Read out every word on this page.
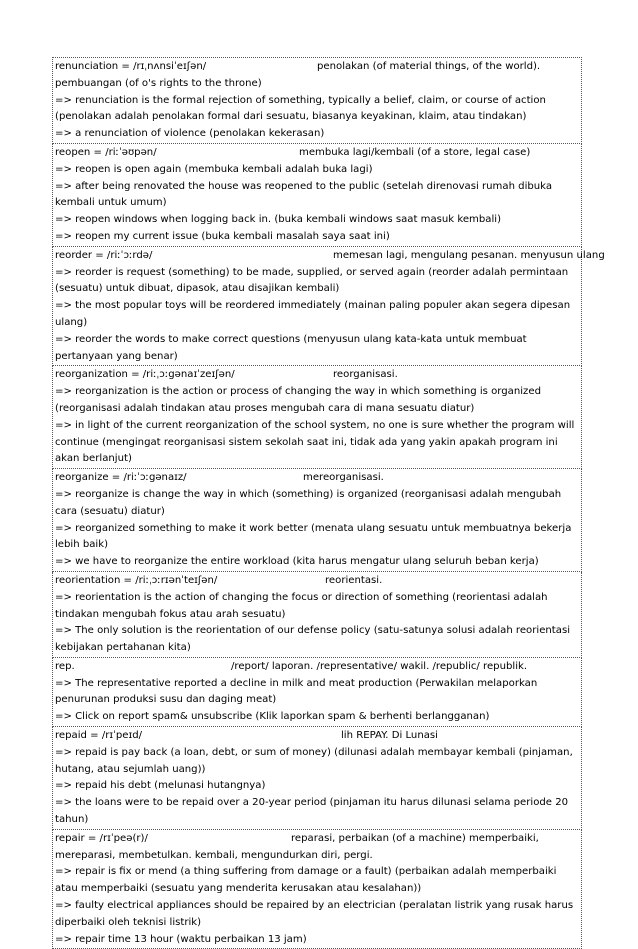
renunciation = /rɪˌnʌnsiˈeɪʃən/	penolakan (of material things, of the world).

pembuangan (of o's rights to the throne)

=> renunciation is the formal rejection of something, typically a belief, claim, or course of action (penolakan adalah penolakan formal dari sesuatu, biasanya keyakinan, klaim, atau tindakan)

=> a renunciation of violence (penolakan kekerasan)

reopen = /riːˈəʊpən/	membuka lagi/kembali (of a store, legal case)

=> reopen is open again (membuka kembali adalah buka lagi)

=> after being renovated the house was reopened to the public (setelah direnovasi rumah dibuka kembali untuk umum)

=> reopen windows when logging back in. (buka kembali windows saat masuk kembali)

=> reopen my current issue (buka kembali masalah saya saat ini)

reorder = /riːˈɔːrdə/	memesan lagi, mengulang pesanan. menyusun ulang

=> reorder is request (something) to be made, supplied, or served again (reorder adalah permintaan (sesuatu) untuk dibuat, dipasok, atau disajikan kembali)

=> the most popular toys will be reordered immediately (mainan paling populer akan segera dipesan ulang)

=> reorder the words to make correct questions (menyusun ulang kata-kata untuk membuat pertanyaan yang benar)

reorganization = /riːˌɔːgənaɪˈzeɪʃən/	reorganisasi.

=> reorganization is the action or process of changing the way in which something is organized (reorganisasi adalah tindakan atau proses mengubah cara di mana sesuatu diatur)

=> in light of the current reorganization of the school system, no one is sure whether the program will continue (mengingat reorganisasi sistem sekolah saat ini, tidak ada yang yakin apakah program ini akan berlanjut)

reorganize = /riːˈɔːgənaɪz/	mereorganisasi.

=> reorganize is change the way in which (something) is organized (reorganisasi adalah mengubah cara (sesuatu) diatur)

=> reorganized something to make it work better (menata ulang sesuatu untuk membuatnya bekerja lebih baik)

=> we have to reorganize the entire workload (kita harus mengatur ulang seluruh beban kerja)

reorientation = /riːˌɔːrɪənˈteɪʃən/	reorientasi.

=> reorientation is the action of changing the focus or direction of something (reorientasi adalah tindakan mengubah fokus atau arah sesuatu)

=> The only solution is the reorientation of our defense policy (satu-satunya solusi adalah reorientasi kebijakan pertahanan kita)

rep.	/report/ laporan. /representative/ wakil. /republic/ republik.

=> The representative reported a decline in milk and meat production (Perwakilan melaporkan penurunan produksi susu dan daging meat)

=> Click on report spam& unsubscribe (Klik laporkan spam & berhenti berlangganan)

repaid = /rɪˈpeɪd/	lih REPAY. Di Lunasi

=> repaid is pay back (a loan, debt, or sum of money) (dilunasi adalah membayar kembali (pinjaman, hutang, atau sejumlah uang))

=> repaid his debt (melunasi hutangnya)

=> the loans were to be repaid over a 20-year period (pinjaman itu harus dilunasi selama periode 20 tahun)

repair = /rɪˈpeə(r)/	reparasi, perbaikan (of a machine) memperbaiki,

mereparasi, membetulkan. kembali, mengundurkan diri, pergi.

=> repair is fix or mend (a thing suffering from damage or a fault) (perbaikan adalah memperbaiki atau memperbaiki (sesuatu yang menderita kerusakan atau kesalahan))

=> faulty electrical appliances should be repaired by an electrician (peralatan listrik yang rusak harus diperbaiki oleh teknisi listrik)

=> repair time 13 hour (waktu perbaikan 13 jam)
